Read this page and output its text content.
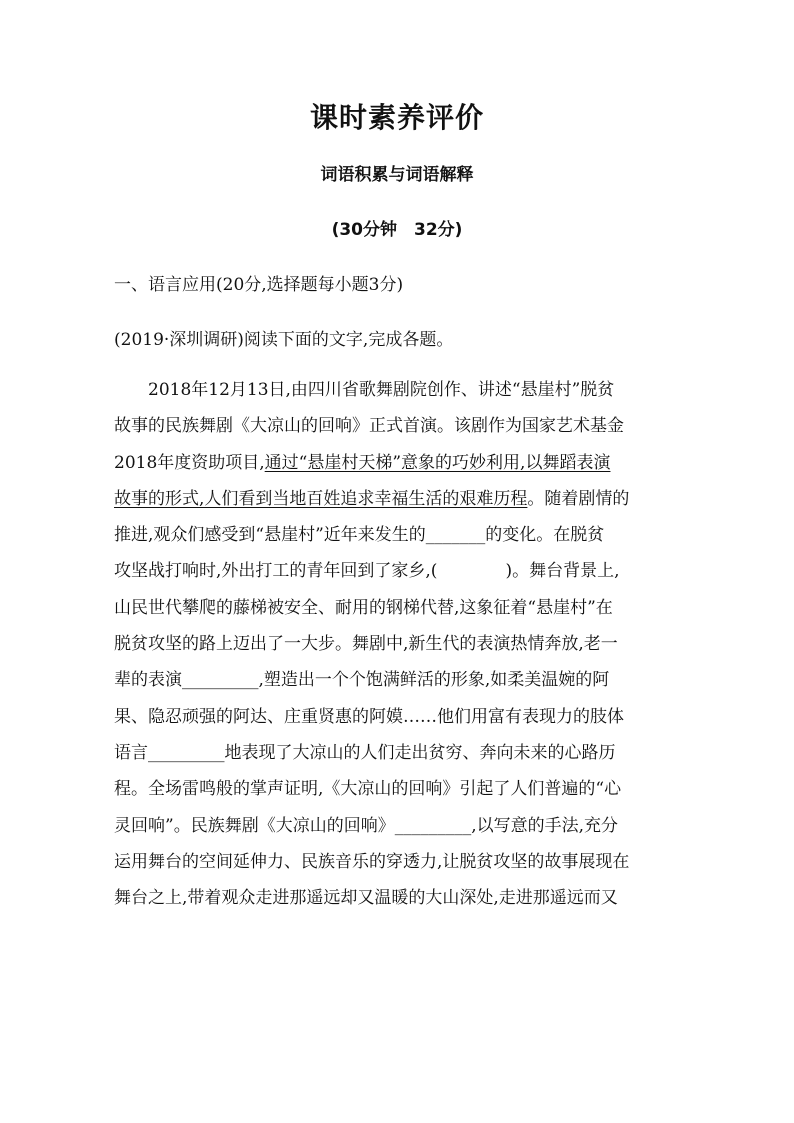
课时素养评价
词语积累与词语解释
(30分钟　32分)
一、语言应用(20分,选择题每小题3分)
(2019·深圳调研)阅读下面的文字,完成各题。
　　2018年12月13日,由四川省歌舞剧院创作、讲述“悬崖村”脱贫
故事的民族舞剧《大凉山的回响》正式首演。该剧作为国家艺术基金
2018年度资助项目,通过“悬崖村天梯”意象的巧妙利用,以舞蹈表演
故事的形式,人们看到当地百姓追求幸福生活的艰难历程。随着剧情的
推进,观众们感受到“悬崖村”近年来发生的_______的变化。在脱贫
攻坚战打响时,外出打工的青年回到了家乡,(　　　　)。舞台背景上,
山民世代攀爬的藤梯被安全、耐用的钢梯代替,这象征着“悬崖村”在
脱贫攻坚的路上迈出了一大步。舞剧中,新生代的表演热情奔放,老一
辈的表演_________,塑造出一个个饱满鲜活的形象,如柔美温婉的阿
果、隐忍顽强的阿达、庄重贤惠的阿嫫……他们用富有表现力的肢体
语言_________地表现了大凉山的人们走出贫穷、奔向未来的心路历
程。全场雷鸣般的掌声证明,《大凉山的回响》引起了人们普遍的“心
灵回响”。民族舞剧《大凉山的回响》_________,以写意的手法,充分
运用舞台的空间延伸力、民族音乐的穿透力,让脱贫攻坚的故事展现在
舞台之上,带着观众走进那遥远却又温暖的大山深处,走进那遥远而又
